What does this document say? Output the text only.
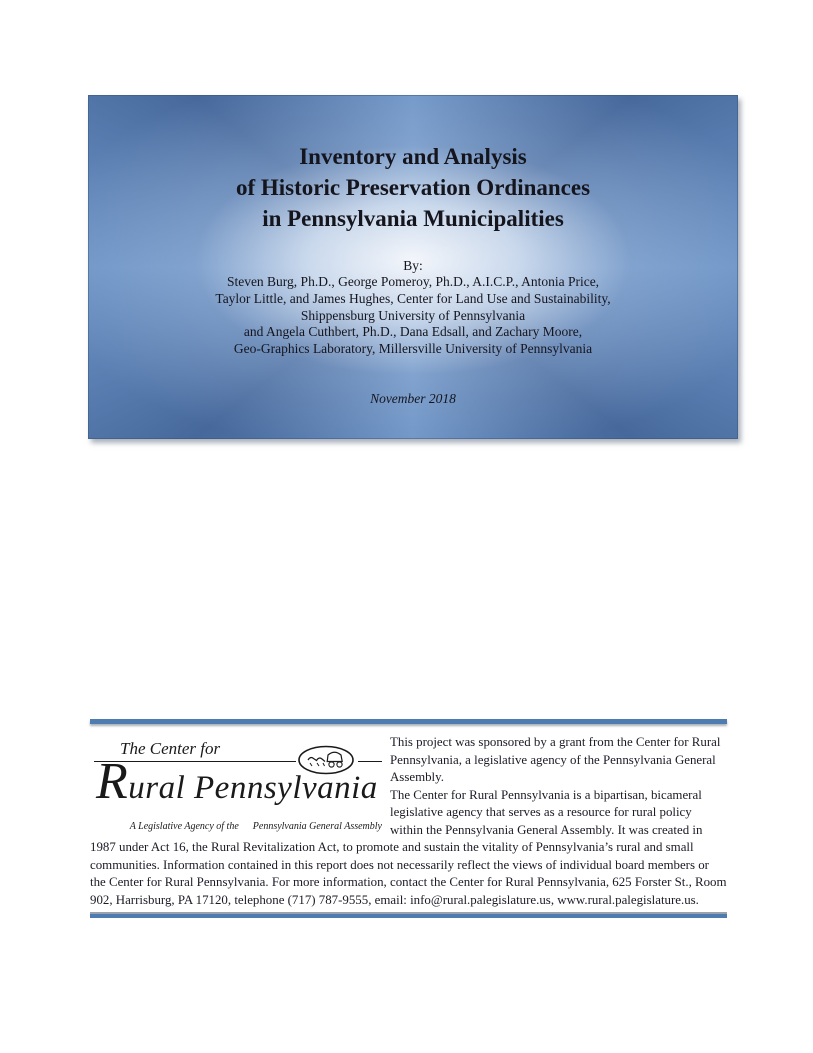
Inventory and Analysis
of Historic Preservation Ordinances
in Pennsylvania Municipalities
By:
Steven Burg, Ph.D., George Pomeroy, Ph.D., A.I.C.P., Antonia Price,
Taylor Little, and James Hughes, Center for Land Use and Sustainability,
Shippensburg University of Pennsylvania
and Angela Cuthbert, Ph.D., Dana Edsall, and Zachary Moore,
Geo-Graphics Laboratory, Millersville University of Pennsylvania
November 2018
The Center for
Rural Pennsylvania
A Legislative Agency of the Pennsylvania General Assembly

This project was sponsored by a grant from the Center for Rural Pennsylvania, a legislative agency of the Pennsylvania General Assembly.

The Center for Rural Pennsylvania is a bipartisan, bicameral legislative agency that serves as a resource for rural policy within the Pennsylvania General Assembly. It was created in 1987 under Act 16, the Rural Revitalization Act, to promote and sustain the vitality of Pennsylvania’s rural and small communities. Information contained in this report does not necessarily reflect the views of individual board members or the Center for Rural Pennsylvania. For more information, contact the Center for Rural Pennsylvania, 625 Forster St., Room 902, Harrisburg, PA 17120, telephone (717) 787-9555, email: info@rural.palegislature.us, www.rural.palegislature.us.
